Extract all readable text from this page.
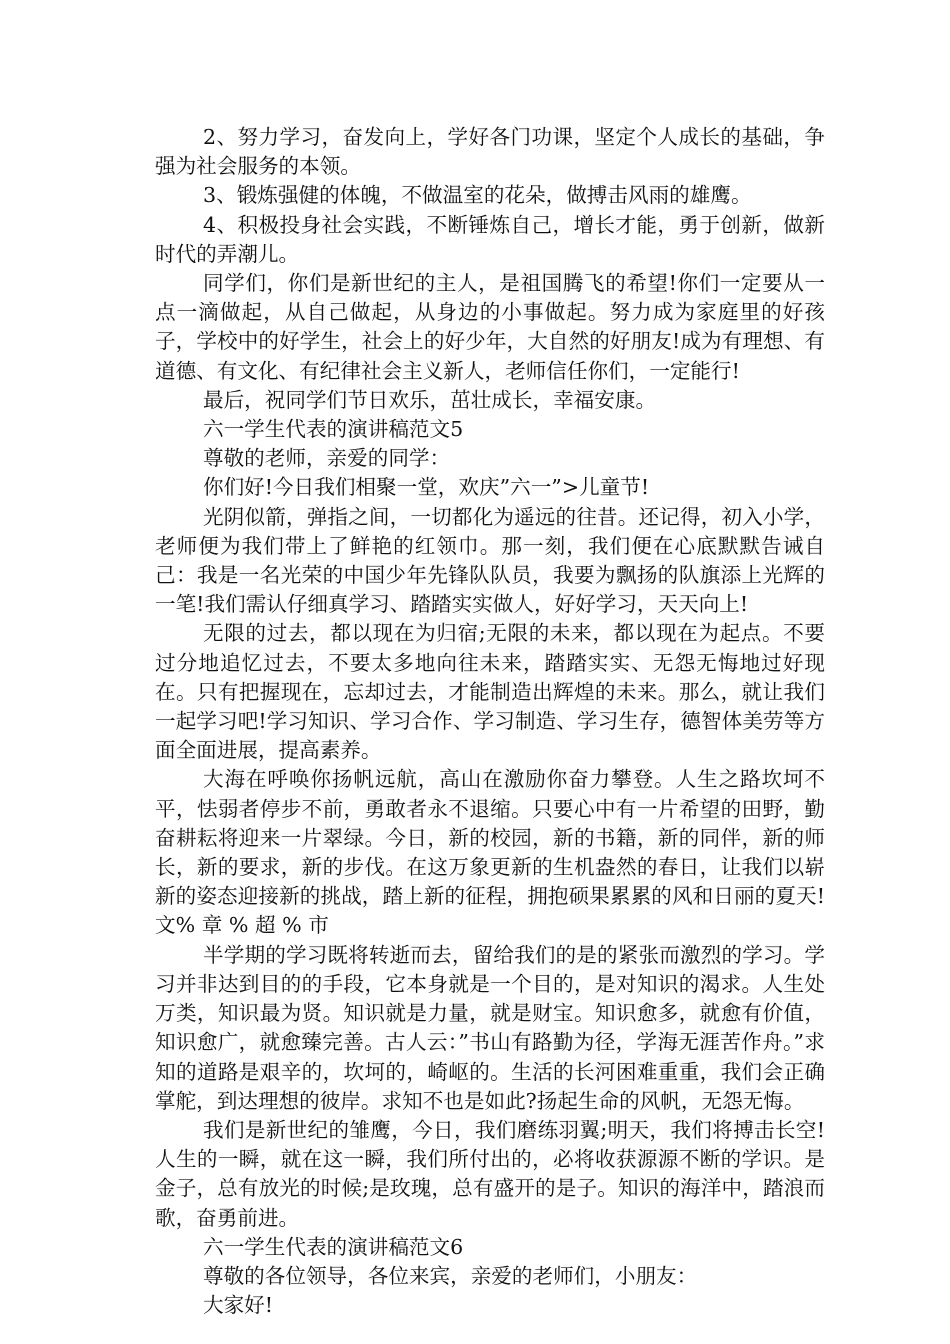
2、努力学习，奋发向上，学好各门功课，坚定个人成长的基础，争强为社会服务的本领。

3、锻炼强健的体魄，不做温室的花朵，做搏击风雨的雄鹰。

4、积极投身社会实践，不断锤炼自己，增长才能，勇于创新，做新时代的弄潮儿。

同学们，你们是新世纪的主人，是祖国腾飞的希望!你们一定要从一点一滴做起，从自己做起，从身边的小事做起。努力成为家庭里的好孩子，学校中的好学生，社会上的好少年，大自然的好朋友!成为有理想、有道德、有文化、有纪律社会主义新人，老师信任你们，一定能行!

最后，祝同学们节日欢乐，茁壮成长，幸福安康。

六一学生代表的演讲稿范文5

尊敬的老师，亲爱的同学：

你们好!今日我们相聚一堂，欢庆”六一”>儿童节!

光阴似箭，弹指之间，一切都化为遥远的往昔。还记得，初入小学，老师便为我们带上了鲜艳的红领巾。那一刻，我们便在心底默默告诫自己：我是一名光荣的中国少年先锋队队员，我要为飘扬的队旗添上光辉的一笔!我们需认仔细真学习、踏踏实实做人，好好学习，天天向上!

无限的过去，都以现在为归宿;无限的未来，都以现在为起点。不要过分地追忆过去，不要太多地向往未来，踏踏实实、无怨无悔地过好现在。只有把握现在，忘却过去，才能制造出辉煌的未来。那么，就让我们一起学习吧!学习知识、学习合作、学习制造、学习生存，德智体美劳等方面全面进展，提高素养。

大海在呼唤你扬帆远航，高山在激励你奋力攀登。人生之路坎坷不平，怯弱者停步不前，勇敢者永不退缩。只要心中有一片希望的田野，勤奋耕耘将迎来一片翠绿。今日，新的校园，新的书籍，新的同伴，新的师长，新的要求，新的步伐。在这万象更新的生机盎然的春日，让我们以崭新的姿态迎接新的挑战，踏上新的征程，拥抱硕果累累的风和日丽的夏天!文% 章 % 超 % 市

半学期的学习既将转逝而去，留给我们的是的紧张而激烈的学习。学习并非达到目的的手段，它本身就是一个目的，是对知识的渴求。人生处万类，知识最为贤。知识就是力量，就是财宝。知识愈多，就愈有价值，知识愈广，就愈臻完善。古人云：”书山有路勤为径，学海无涯苦作舟。”求知的道路是艰辛的，坎坷的，崎岖的。生活的长河困难重重，我们会正确掌舵，到达理想的彼岸。求知不也是如此?扬起生命的风帆，无怨无悔。

我们是新世纪的雏鹰，今日，我们磨练羽翼;明天，我们将搏击长空!人生的一瞬，就在这一瞬，我们所付出的，必将收获源源不断的学识。是金子，总有放光的时候;是玫瑰，总有盛开的是子。知识的海洋中，踏浪而歌，奋勇前进。

六一学生代表的演讲稿范文6

尊敬的各位领导，各位来宾，亲爱的老师们，小朋友：

大家好!
